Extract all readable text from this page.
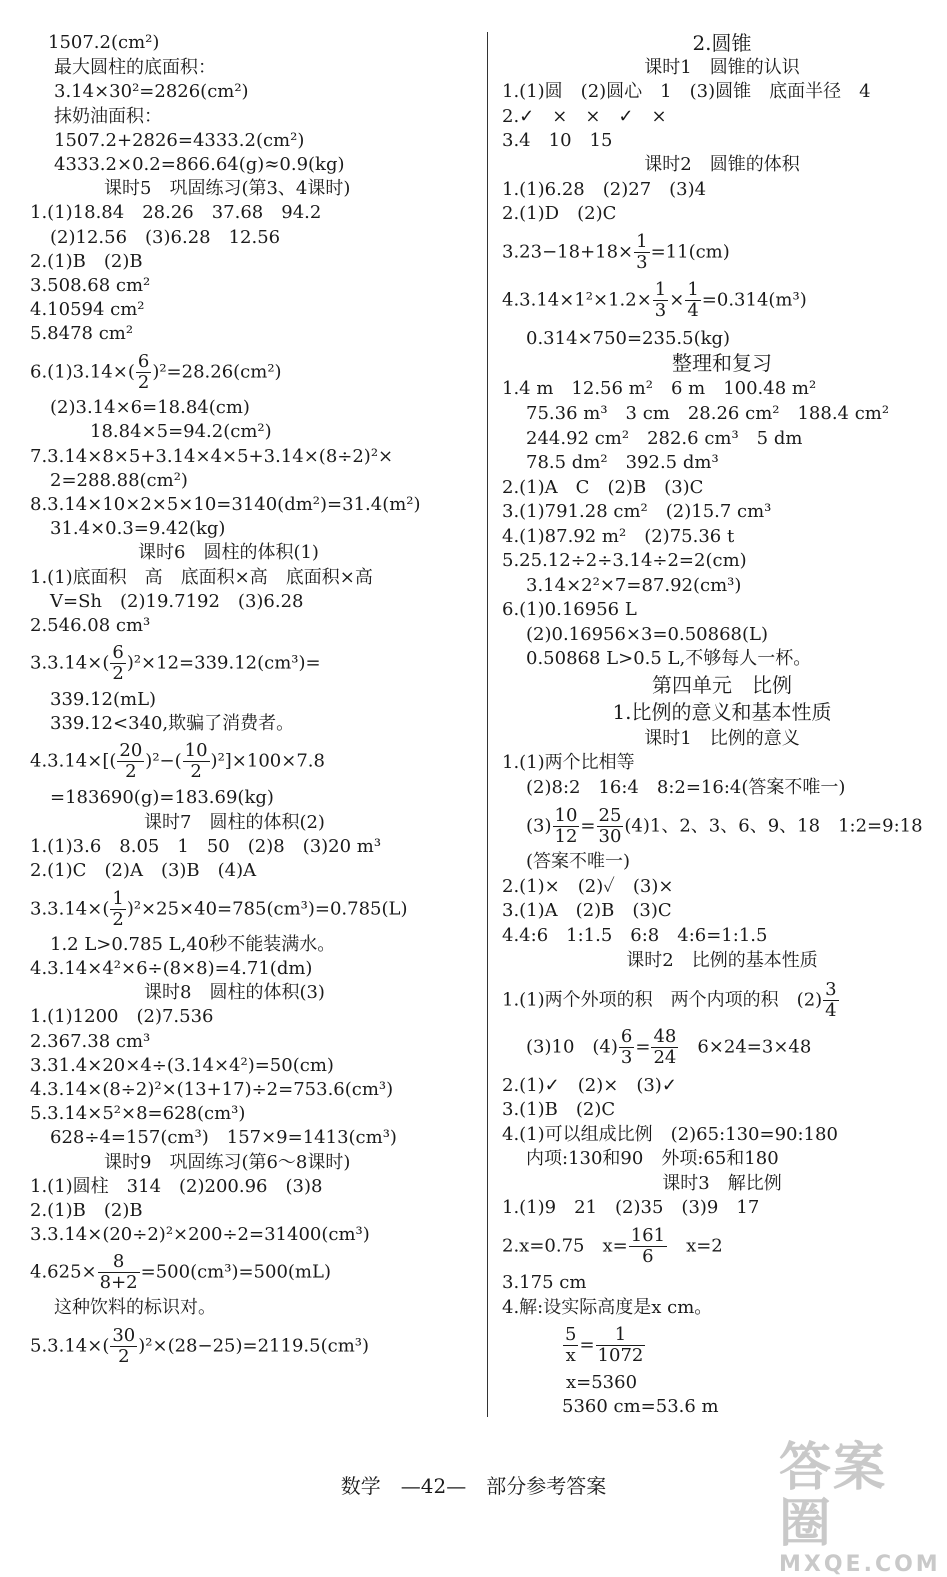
1507.2(cm²)
最大圆柱的底面积：
3.14×30²=2826(cm²)
抹奶油面积：
1507.2+2826=4333.2(cm²)
4333.2×0.2=866.64(g)≈0.9(kg)
课时5　巩固练习(第3、4课时)
1.(1)18.84　28.26　37.68　94.2
(2)12.56　(3)6.28　12.56
2.(1)B　(2)B
3.508.68 cm²
4.10594 cm²
5.8478 cm²
$6.(1)3.14\times( \frac{6}{2} )^2=28.26(cm^2)$
(2)3.14×6=18.84(cm)
18.84×5=94.2(cm²)
7.3.14×8×5+3.14×4×5+3.14×(8÷2)²×
2=288.88(cm²)
8.3.14×10×2×5×10=3140(dm²)=31.4(m²)
31.4×0.3=9.42(kg)
课时6　圆柱的体积(1)
1.(1)底面积　高　底面积×高　底面积×高
V=Sh　(2)19.7192　(3)6.28
2.546.08 cm³
$3.3.14\times( \frac{6}{2} )^2\times 12=339.12(cm^3)=$
339.12(mL)
339.12<340,欺骗了消费者。
$4.3.14\times[( \frac{20}{2} )^2-( \frac{10}{2} )^2]\times 100\times 7.8$
=183690(g)=183.69(kg)
课时7　圆柱的体积(2)
1.(1)3.6　8.05　1　50　(2)8　(3)20 m³
2.(1)C　(2)A　(3)B　(4)A
$3.3.14\times( \frac{1}{2} )^2\times 25\times 40=785(cm^3)=0.785(L)$
1.2 L>0.785 L,40秒不能装满水。
4.3.14×4²×6÷(8×8)=4.71(dm)
课时8　圆柱的体积(3)
1.(1)1200　(2)7.536
2.367.38 cm³
3.31.4×20×4÷(3.14×4²)=50(cm)
4.3.14×(8÷2)²×(13+17)÷2=753.6(cm³)
5.3.14×5²×8=628(cm³)
628÷4=157(cm³)　157×9=1413(cm³)
课时9　巩固练习(第6～8课时)
1.(1)圆柱　314　(2)200.96　(3)8
2.(1)B　(2)B
3.3.14×(20÷2)²×200÷2=31400(cm³)
$4.625\times \frac{8}{8+2} =500(cm^3)=500(mL)$
这种饮料的标识对。
$5.3.14\times( \frac{30}{2} )^2\times(28-25)=2119.5(cm^3)$
2.圆锥
课时1　圆锥的认识
1.(1)圆　(2)圆心　1　(3)圆锥　底面半径　4
2.✓　×　×　✓　×
3.4　10　15
课时2　圆锥的体积
1.(1)6.28　(2)27　(3)4
2.(1)D　(2)C
$3.23-18+18\times \frac{1}{3} =11(cm)$
$4.3.14\times 1^2\times 1.2\times \frac{1}{3} \times \frac{1}{4} =0.314(m^3)$
0.314×750=235.5(kg)
整理和复习
1.4 m　12.56 m²　6 m　100.48 m²
75.36 m³　3 cm　28.26 cm²　188.4 cm²
244.92 cm²　282.6 cm³　5 dm
78.5 dm²　392.5 dm³
2.(1)A　C　(2)B　(3)C
3.(1)791.28 cm²　(2)15.7 cm³
4.(1)87.92 m²　(2)75.36 t
5.25.12÷2÷3.14÷2=2(cm)
3.14×2²×7=87.92(cm³)
6.(1)0.16956 L
(2)0.16956×3=0.50868(L)
0.50868 L>0.5 L,不够每人一杯。
第四单元　比例
1.比例的意义和基本性质
课时1　比例的意义
1.(1)两个比相等
(2)8:2　16:4　8:2=16:4(答案不唯一)
$(3) \frac{10}{12} = \frac{25}{30} (4)1$、2、3、6、9、18　1:2=9:18
(答案不唯一)
2.(1)×　(2)✓　(3)×
3.(1)A　(2)B　(3)C
4.4:6　1:1.5　6:8　4:6=1:1.5
课时2　比例的基本性质
1.(1)两个外项的积　两个内项的积　$(2) \frac{3}{4}$
(3)10　$(4) \frac{6}{3} = \frac{48}{24}$
　 6×24=3×48
2.(1)✓　(2)×　(3)✓
3.(1)B　(2)C
4.(1)可以组成比例　(2)65:130=90:180
内项:130和90　外项:65和180
课时3　解比例
1.(1)9　21　(2)35　(3)9　17
2.x=0.75　$x= \frac{161}{6}$
　 x=2
3.175 cm
4.解:设实际高度是x cm。
$\frac{5}{x} = \frac{1}{1072}$
x=5360
5360 cm=53.6 m
数学　—42—　部分参考答案	答案圈
MXQE.COM
